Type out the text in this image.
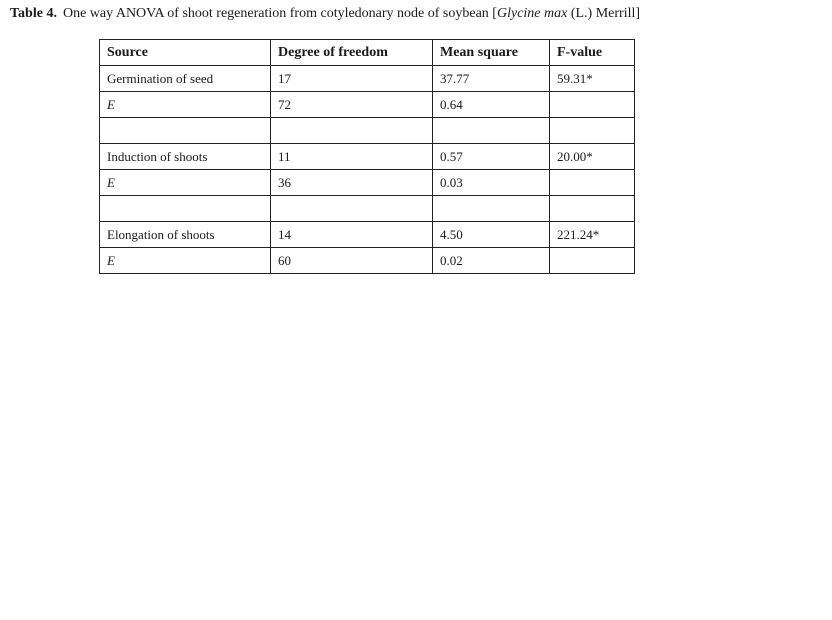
Table 4. One way ANOVA of shoot regeneration from cotyledonary node of soybean [Glycine max (L.) Merrill]
Source	Degree of freedom	Mean square	F-value
Germination of seed	17	37.77	59.31*
E	72	0.64	

Induction of shoots	11	0.57	20.00*
E	36	0.03	

Elongation of shoots	14	4.50	221.24*
E	60	0.02	
